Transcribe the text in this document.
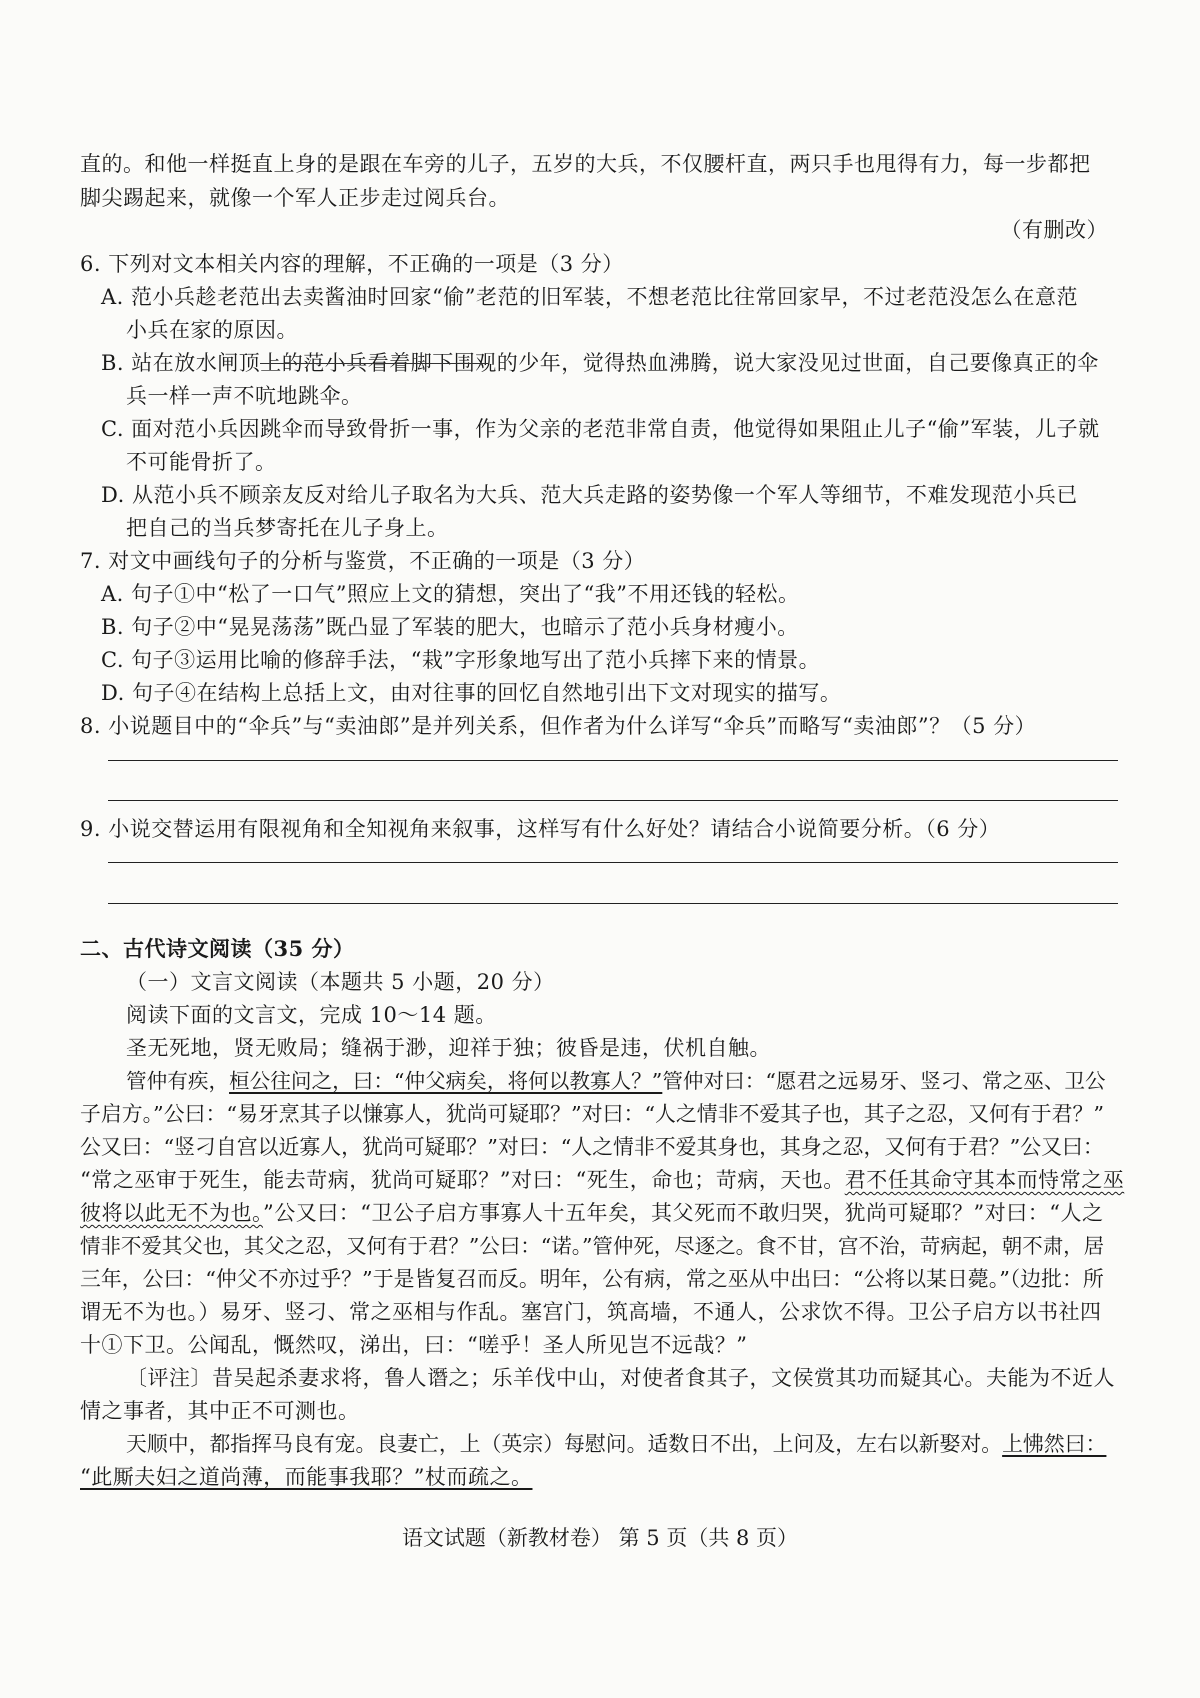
直的。和他一样挺直上身的是跟在车旁的儿子，五岁的大兵，不仅腰杆直，两只手也甩得有力，每一步都把
脚尖踢起来，就像一个军人正步走过阅兵台。
（有删改）
6. 下列对文本相关内容的理解，不正确的一项是（3 分）
A. 范小兵趁老范出去卖酱油时回家“偷”老范的旧军装，不想老范比往常回家早，不过老范没怎么在意范
小兵在家的原因。
B. 站在放水闸顶上的范小兵看着脚下围观的少年，觉得热血沸腾，说大家没见过世面，自己要像真正的伞
兵一样一声不吭地跳伞。
C. 面对范小兵因跳伞而导致骨折一事，作为父亲的老范非常自责，他觉得如果阻止儿子“偷”军装，儿子就
不可能骨折了。
D. 从范小兵不顾亲友反对给儿子取名为大兵、范大兵走路的姿势像一个军人等细节，不难发现范小兵已
把自己的当兵梦寄托在儿子身上。
7. 对文中画线句子的分析与鉴赏，不正确的一项是（3 分）
A. 句子①中“松了一口气”照应上文的猜想，突出了“我”不用还钱的轻松。
B. 句子②中“晃晃荡荡”既凸显了军装的肥大，也暗示了范小兵身材瘦小。
C. 句子③运用比喻的修辞手法，“栽”字形象地写出了范小兵摔下来的情景。
D. 句子④在结构上总括上文，由对往事的回忆自然地引出下文对现实的描写。
8. 小说题目中的“伞兵”与“卖油郎”是并列关系，但作者为什么详写“伞兵”而略写“卖油郎”？（5 分）
9. 小说交替运用有限视角和全知视角来叙事，这样写有什么好处？请结合小说简要分析。（6 分）
二、古代诗文阅读（35 分）
（一）文言文阅读（本题共 5 小题，20 分）
阅读下面的文言文，完成 10～14 题。
圣无死地，贤无败局；缝祸于渺，迎祥于独；彼昏是违，伏机自触。
管仲有疾，桓公往问之，曰：“仲父病矣，将何以教寡人？”管仲对曰：“愿君之远易牙、竖刁、常之巫、卫公
子启方。”公曰：“易牙烹其子以慊寡人，犹尚可疑耶？”对曰：“人之情非不爱其子也，其子之忍，又何有于君？”
公又曰：“竖刁自宫以近寡人，犹尚可疑耶？”对曰：“人之情非不爱其身也，其身之忍，又何有于君？”公又曰：
“常之巫审于死生，能去苛病，犹尚可疑耶？”对曰：“死生，命也；苛病，天也。君不任其命守其本而恃常之巫
彼将以此无不为也。”公又曰：“卫公子启方事寡人十五年矣，其父死而不敢归哭，犹尚可疑耶？”对曰：“人之
情非不爱其父也，其父之忍，又何有于君？”公曰：“诺。”管仲死，尽逐之。食不甘，宫不治，苛病起，朝不肃，居
三年，公曰：“仲父不亦过乎？”于是皆复召而反。明年，公有病，常之巫从中出曰：“公将以某日薨。”（边批：所
谓无不为也。）易牙、竖刁、常之巫相与作乱。塞宫门，筑高墙，不通人，公求饮不得。卫公子启方以书社四
十①下卫。公闻乱，慨然叹，涕出，曰：“嗟乎！圣人所见岂不远哉？”
〔评注〕昔吴起杀妻求将，鲁人谮之；乐羊伐中山，对使者食其子，文侯赏其功而疑其心。夫能为不近人
情之事者，其中正不可测也。
天顺中，都指挥马良有宠。良妻亡，上（英宗）每慰问。适数日不出，上问及，左右以新娶对。上怫然曰：
“此厮夫妇之道尚薄，而能事我耶？”杖而疏之。
语文试题（新教材卷） 第 5 页（共 8 页）
